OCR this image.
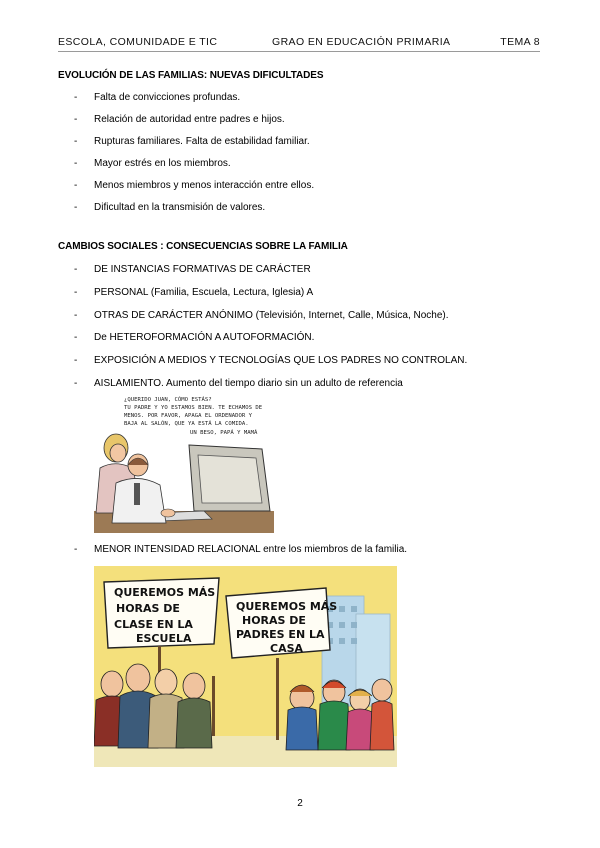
ESCOLA, COMUNIDADE E TIC	GRAO EN EDUCACIÓN PRIMARIA	TEMA 8
EVOLUCIÓN DE LAS FAMILIAS: NUEVAS DIFICULTADES
- Falta de convicciones profundas.
- Relación de autoridad entre padres e hijos.
- Rupturas familiares. Falta de estabilidad familiar.
- Mayor estrés en los miembros.
- Menos miembros y menos interacción entre ellos.
- Dificultad en la transmisión de valores.
CAMBIOS SOCIALES : CONSECUENCIAS SOBRE LA FAMILIA
- DE INSTANCIAS FORMATIVAS DE CARÁCTER
- PERSONAL (Familia, Escuela, Lectura, Iglesia) A
- OTRAS DE CARÁCTER ANÓNIMO (Televisión, Internet, Calle, Música, Noche).
- De HETEROFORMACIÓN A AUTOFORMACIÓN.
- EXPOSICIÓN A MEDIOS Y TECNOLOGÍAS QUE LOS PADRES NO CONTROLAN.
- AISLAMIENTO. Aumento del tiempo diario sin un adulto de referencia
¿QUERIDO JUAN, CÓMO ESTÁS?
TU PADRE Y YO ESTAMOS BIEN. TE ECHAMOS DE
MENOS. POR FAVOR, APAGA EL ORDENADOR Y
BAJA AL SALÓN, QUE YA ESTÁ LA COMIDA.
UN BESO, PAPÁ Y MAMÁ
- MENOR INTENSIDAD RELACIONAL entre los miembros de la familia.
QUEREMOS MÁS
HORAS DE
CLASE EN LA
ESCUELA
QUEREMOS MÁS
HORAS DE
PADRES EN LA
CASA
2
